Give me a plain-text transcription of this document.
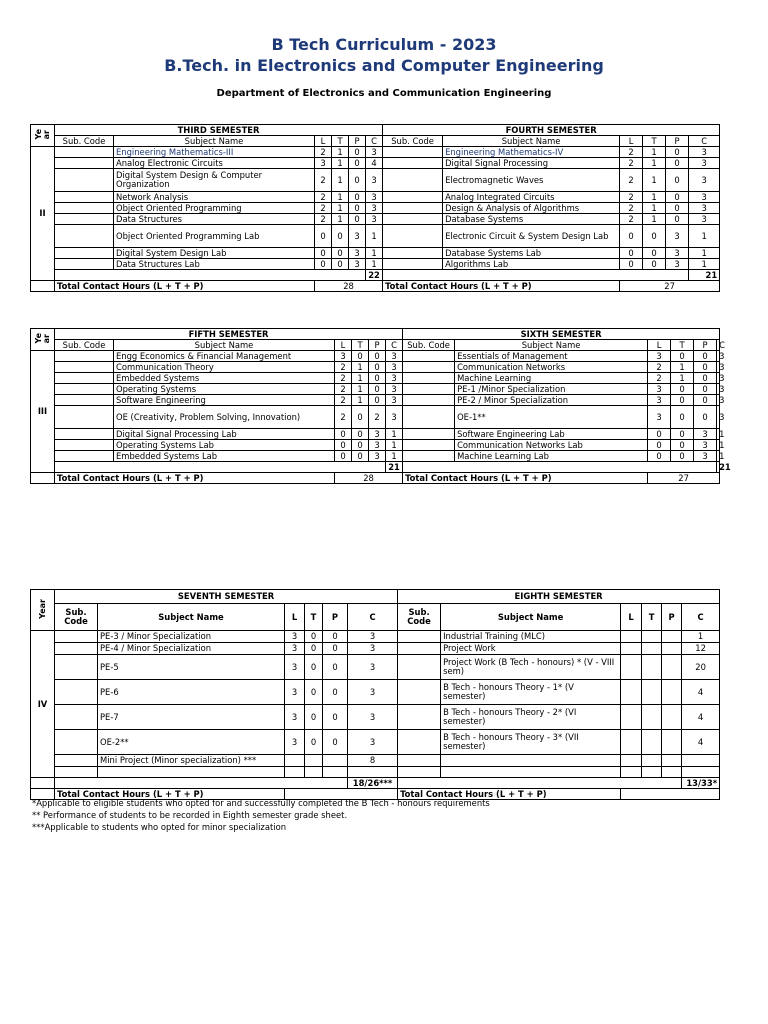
B Tech Curriculum - 2023
B.Tech. in Electronics and Computer Engineering
Department of Electronics and Communication Engineering
Year	THIRD SEMESTER						FOURTH SEMESTER					
	Sub. Code	Subject Name	L	T	P	C	Sub. Code	Subject Name	L	T	P	C
II		Engineering Mathematics-III	2	1	0	3		Engineering Mathematics-IV	2	1	0	3
		Analog Electronic Circuits	3	1	0	4		Digital Signal Processing	2	1	0	3
		Digital System Design & Computer Organization	2	1	0	3		Electromagnetic Waves	2	1	0	3
		Network Analysis	2	1	0	3		Analog Integrated Circuits	2	1	0	3
		Object Oriented Programming	2	1	0	3		Design & Analysis of Algorithms	2	1	0	3
		Data Structures	2	1	0	3		Database Systems	2	1	0	3
		Object Oriented Programming Lab	0	0	3	1		Electronic Circuit & System Design Lab	0	0	3	1
		Digital System Design Lab	0	0	3	1		Database Systems Lab	0	0	3	1
		Data Structures Lab	0	0	3	1		Algorithms Lab	0	0	3	1
						22						21
	Total Contact Hours (L + T + P)		28				Total Contact Hours (L + T + P)		27			
Year	FIFTH SEMESTER						SIXTH SEMESTER					
	Sub. Code	Subject Name	L	T	P	C	Sub. Code	Subject Name	L	T	P	C
III		Engg Economics & Financial Management	3	0	0	3		Essentials of Management	3	0	0	3
		Communication Theory	2	1	0	3		Communication Networks	2	1	0	3
		Embedded Systems	2	1	0	3		Machine Learning	2	1	0	3
		Operating Systems	2	1	0	3		PE-1 /Minor Specialization	3	0	0	3
		Software Engineering	2	1	0	3		PE-2 / Minor Specialization	3	0	0	3
		OE (Creativity, Problem Solving, Innovation)	2	0	2	3		OE-1**	3	0	0	3
		Digital Signal Processing Lab	0	0	3	1		Software Engineering Lab	0	0	3	1
		Operating Systems Lab	0	0	3	1		Communication Networks Lab	0	0	3	1
		Embedded Systems Lab	0	0	3	1		Machine Learning Lab	0	0	3	1
						21						21
	Total Contact Hours (L + T + P)		28				Total Contact Hours (L + T + P)		27			
Year	SEVENTH SEMESTER						EIGHTH SEMESTER					
	Sub. Code	Subject Name	L	T	P	C	Sub. Code	Subject Name	L	T	P	C
IV		PE-3 / Minor Specialization	3	0	0	3		Industrial Training (MLC)				1
		PE-4 / Minor Specialization	3	0	0	3		Project Work				12
		PE-5	3	0	0	3		Project Work (B Tech - honours) * (V - VIII sem)				20
		PE-6	3	0	0	3		B Tech - honours Theory - 1* (V semester)				4
		PE-7	3	0	0	3		B Tech - honours Theory - 2* (VI semester)				4
		OE-2**	3	0	0	3		B Tech - honours Theory - 3* (VII semester)				4
		Mini Project (Minor specialization) ***				8						

						18/26***						13/33*
	Total Contact Hours (L + T + P)						Total Contact Hours (L + T + P)					
*Applicable to eligible students who opted for and successfully completed the B Tech - honours requirements
** Performance of students to be recorded in Eighth semester grade sheet.
***Applicable to students who opted for minor specialization
